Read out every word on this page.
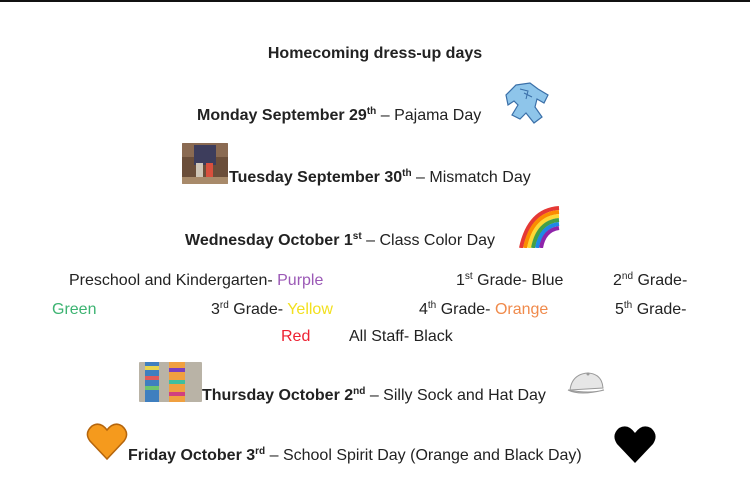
Homecoming dress-up days
Monday September 29th – Pajama Day
Tuesday September 30th – Mismatch Day
Wednesday October 1st – Class Color Day
Preschool and Kindergarten- Purple	1st Grade- Blue	2nd Grade-
Green	3rd Grade- Yellow	4th Grade- Orange	5th Grade-
Red All Staff- Black
Thursday October 2nd – Silly Sock and Hat Day
Friday October 3rd – School Spirit Day (Orange and Black Day)
